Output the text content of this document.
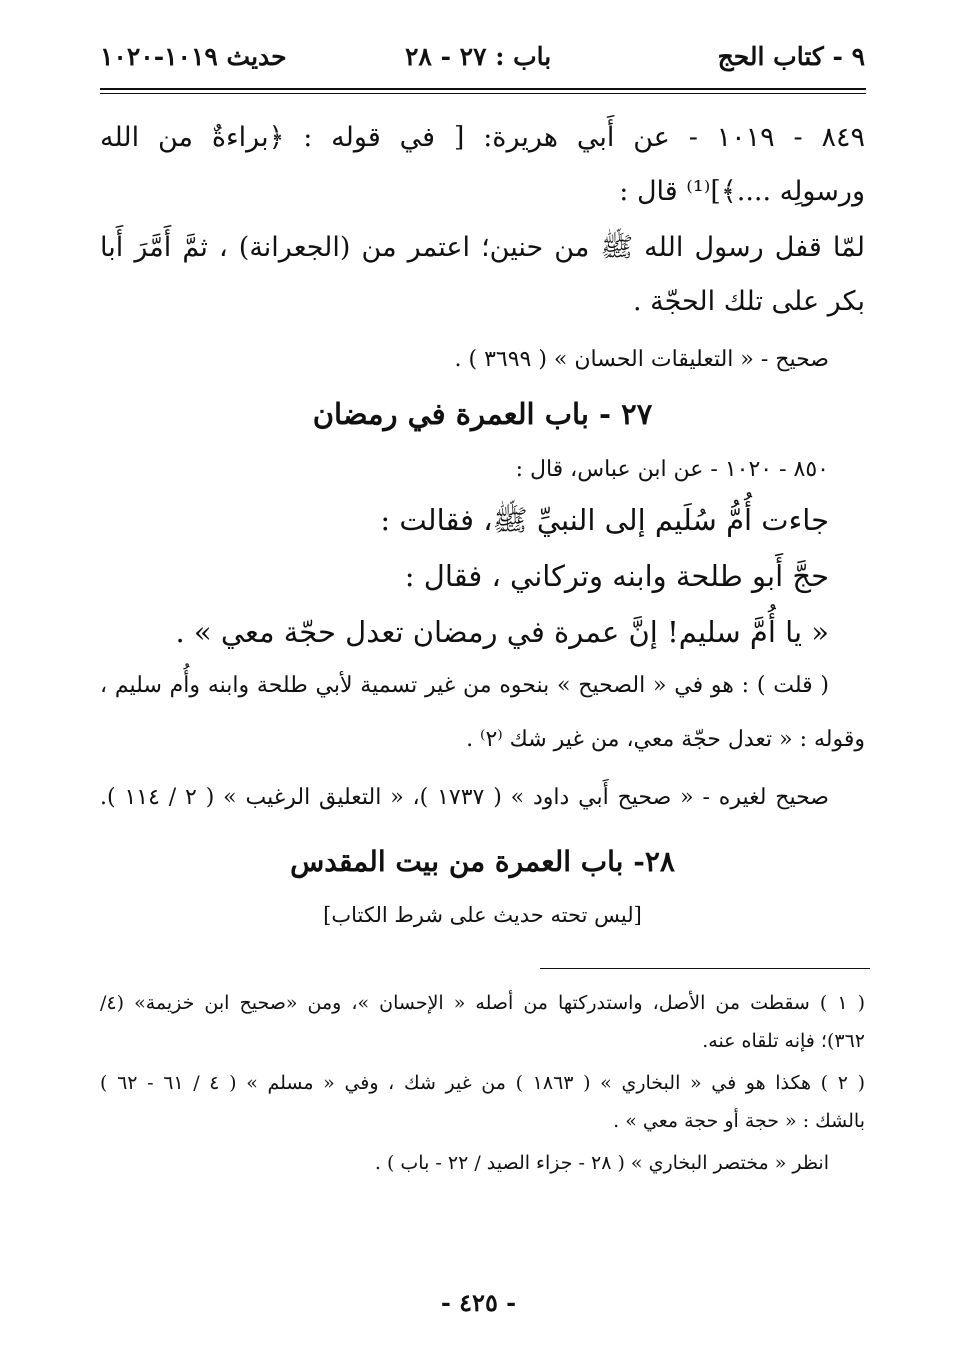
٩ - كتاب الحج
باب : ٢٧ - ٢٨
حديث ١٠١٩-١٠٢٠
٨٤٩ - ١٠١٩ - عن أَبي هريرة: [ في قوله : ﴿براءةٌ من الله
ورسولِه ....﴾]⁽¹⁾ قال :
لمّا قفل رسول الله ﷺ من حنين؛ اعتمر من (الجعرانة) ، ثمَّ أَمَّرَ أَبا
بكر على تلك الحجّة .
صحيح - « التعليقات الحسان » ( ٣٦٩٩ ) .
٢٧ - باب العمرة في رمضان
٨٥٠ - ١٠٢٠ - عن ابن عباس، قال :
جاءت أُمُّ سُلَيم إلى النبيِّ ﷺ، فقالت :
حجَّ أَبو طلحة وابنه وتركاني ، فقال :
« يا أُمَّ سليم! إنَّ عمرة في رمضان تعدل حجّة معي » .
( قلت ) : هو في « الصحيح » بنحوه من غير تسمية لأبي طلحة وابنه وأُم سليم ،
وقوله : « تعدل حجّة معي، من غير شك ⁽٢⁾ .
صحيح لغيره - « صحيح أَبي داود » ( ١٧٣٧ )، « التعليق الرغيب » ( ٢ / ١١٤ ).
٢٨- باب العمرة من بيت المقدس
[ليس تحته حديث على شرط الكتاب]
( ١ ) سقطت من الأصل، واستدركتها من أصله « الإحسان »، ومن «صحيح ابن خزيمة» (٤/
٣٦٢)؛ فإنه تلقاه عنه.
( ٢ ) هكذا هو في « البخاري » ( ١٨٦٣ ) من غير شك ، وفي « مسلم » ( ٤ / ٦١ - ٦٢ )
بالشك : « حجة أو حجة معي » .
انظر « مختصر البخاري » ( ٢٨ - جزاء الصيد / ٢٢ - باب ) .
- ٤٢٥ -
